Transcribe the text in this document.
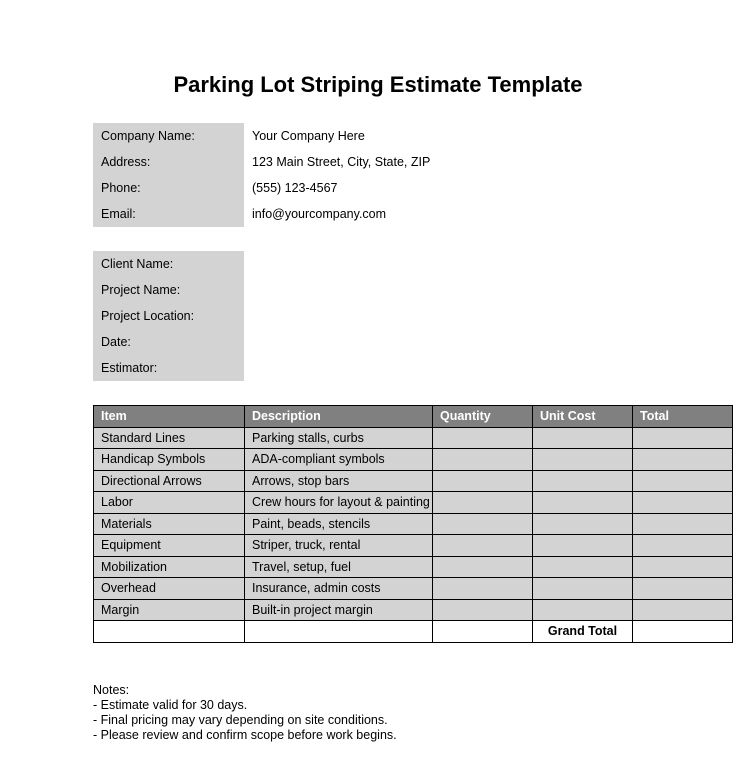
Parking Lot Striping Estimate Template
Company Name:	Your Company Here
Address:	123 Main Street, City, State, ZIP
Phone:	(555) 123-4567
Email:	info@yourcompany.com
Client Name:
Project Name:
Project Location:
Date:
Estimator:
Item	Description	Quantity	Unit Cost	Total
Standard Lines	Parking stalls, curbs			
Handicap Symbols	ADA-compliant symbols			
Directional Arrows	Arrows, stop bars			
Labor	Crew hours for layout & painting			
Materials	Paint, beads, stencils			
Equipment	Striper, truck, rental			
Mobilization	Travel, setup, fuel			
Overhead	Insurance, admin costs			
Margin	Built-in project margin			
			Grand Total	
Notes:
- Estimate valid for 30 days.
- Final pricing may vary depending on site conditions.
- Please review and confirm scope before work begins.
